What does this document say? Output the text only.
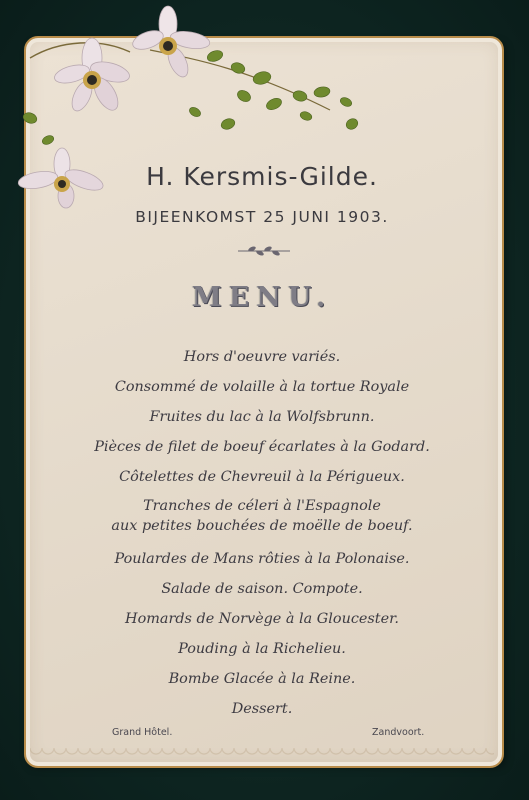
H. Kersmis-Gilde.
BIJEENKOMST 25 JUNI 1903.
MENU.
Hors d'oeuvre variés.
Consommé de volaille à la tortue Royale
Fruites du lac à la Wolfsbrunn.
Pièces de filet de boeuf écarlates à la Godard.
Côtelettes de Chevreuil à la Périgueux.
Tranches de céleri à l'Espagnole
aux petites bouchées de moëlle de boeuf.
Poulardes de Mans rôties à la Polonaise.
Salade de saison. Compote.
Homards de Norvège à la Gloucester.
Pouding à la Richelieu.
Bombe Glacée à la Reine.
Dessert.
Grand Hôtel.	Zandvoort.
